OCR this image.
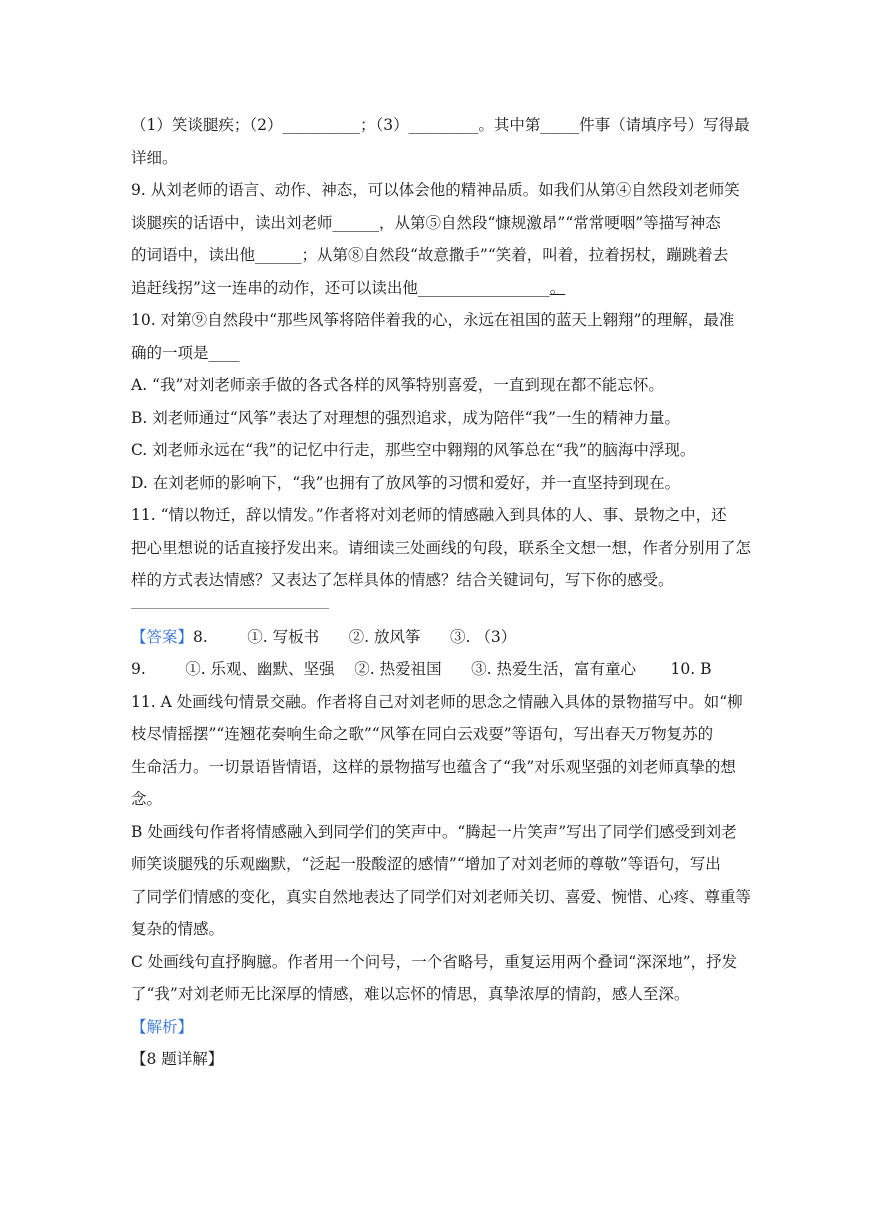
（1）笑谈腿疾；（2）__________；（3）_________。其中第_____件事（请填序号）写得最

详细。

9. 从刘老师的语言、动作、神态，可以体会他的精神品质。如我们从第④自然段刘老师笑

谈腿疾的话语中，读出刘老师______，从第⑤自然段“慷规激昂”“常常哽咽”等描写神态

的词语中，读出他______；从第⑧自然段“故意撒手”“笑着，叫着，拉着拐杖，蹦跳着去

追赶线拐”这一连串的动作，还可以读出他_________________。

10. 对第⑨自然段中“那些风筝将陪伴着我的心，永远在祖国的蓝天上翱翔”的理解，最准

确的一项是____

A. “我”对刘老师亲手做的各式各样的风筝特别喜爱，一直到现在都不能忘怀。

B. 刘老师通过“风筝”表达了对理想的强烈追求，成为陪伴“我”一生的精神力量。

C. 刘老师永远在“我”的记忆中行走，那些空中翱翔的风筝总在“我”的脑海中浮现。

D. 在刘老师的影响下，“我”也拥有了放风筝的习惯和爱好，并一直坚持到现在。

11. “情以物迁，辞以情发。”作者将对刘老师的情感融入到具体的人、事、景物之中，还

把心里想说的话直接抒发出来。请细读三处画线的句段，联系全文想一想，作者分别用了怎

样的方式表达情感？又表达了怎样具体的情感？结合关键词句，写下你的感受。

【答案】8.        ①. 写板书      ②. 放风筝      ③. （3）

9.        ①. 乐观、幽默、坚强    ②. 热爱祖国      ③. 热爱生活，富有童心       10. B

11. A 处画线句情景交融。作者将自己对刘老师的思念之情融入具体的景物描写中。如“柳

枝尽情摇摆”“连翘花奏响生命之歌”“风筝在同白云戏耍”等语句，写出春天万物复苏的

生命活力。一切景语皆情语，这样的景物描写也蕴含了“我”对乐观坚强的刘老师真挚的想

念。

B 处画线句作者将情感融入到同学们的笑声中。“腾起一片笑声”写出了同学们感受到刘老

师笑谈腿残的乐观幽默，“泛起一股酸涩的感情”“增加了对刘老师的尊敬”等语句，写出

了同学们情感的变化，真实自然地表达了同学们对刘老师关切、喜爱、惋惜、心疼、尊重等

复杂的情感。

C 处画线句直抒胸臆。作者用一个问号，一个省略号，重复运用两个叠词“深深地”，抒发

了“我”对刘老师无比深厚的情感，难以忘怀的情思，真挚浓厚的情韵，感人至深。

【解析】

【8 题详解】
